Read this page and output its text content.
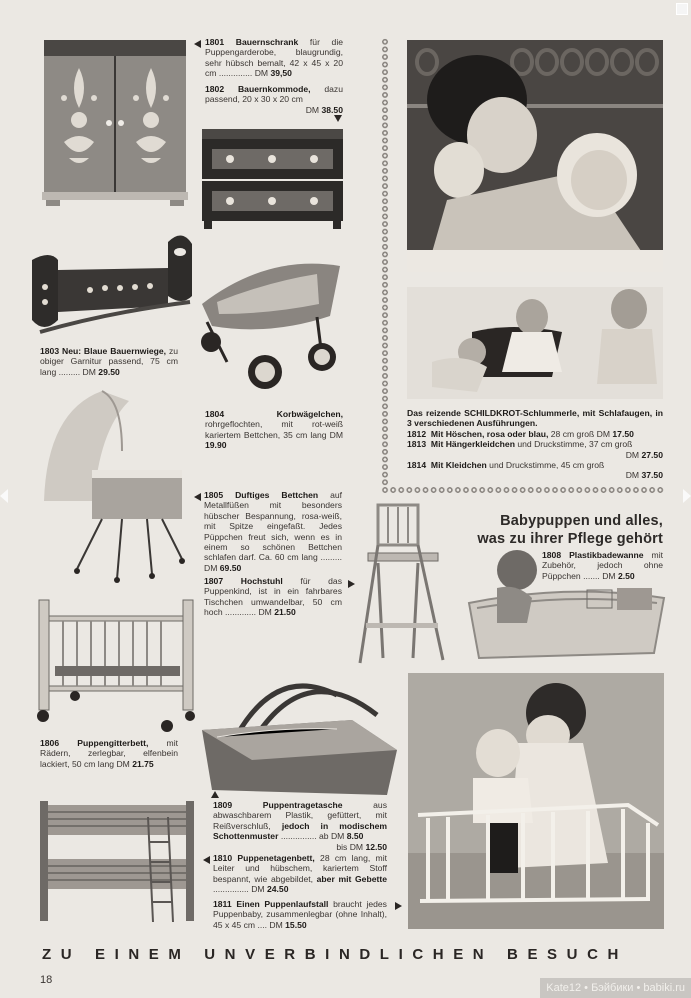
1801 Bauernschrank für die Puppengarderobe, blaugrundig, sehr hübsch bemalt, 42 x 45 x 20 cm .............. DM 39,50
1802 Bauernkommode, dazu passend, 20 x 30 x 20 cm
DM 38.50
1803 Neu: Blaue Bauernwiege, zu obiger Garnitur passend, 75 cm lang ......... DM 29.50
1804	Korbwägelchen, rohrgeflochten, mit rot-weiß kariertem Bettchen, 35 cm lang DM 19.90
1805 Duftiges Bettchen auf Metallfüßen mit besonders hübscher Bespannung, rosa-weiß, mit Spitze eingefaßt. Jedes Püppchen freut sich, wenn es in einem so schönen Bettchen schlafen darf. Ca. 60 cm lang ......... DM 69.50
1807 Hochstuhl für das Puppenkind, ist in ein fahrbares Tischchen umwandelbar, 50 cm hoch ............. DM 21.50
1806 Puppengitterbett, mit Rädern, zerlegbar, elfenbein lackiert, 50 cm lang DM 21.75
1809	Puppentragetasche	aus abwaschbarem Plastik, gefüttert, mit Reißverschluß, jedoch in modischem Schottenmuster ............... ab DM 8.50
bis DM 12.50
1810 Puppenetagenbett, 28 cm lang, mit Leiter und hübschem, kariertem Stoff bespannt, wie abgebildet, aber mit Gebette ............... DM 24.50
1811 Einen Puppenlaufstall braucht jedes Puppenbaby, zusammenlegbar (ohne Inhalt), 45 x 45 cm .... DM 15.50
Das reizende SCHILDKROT-Schlummerle, mit Schlafaugen, in 3 verschiedenen Ausführungen.
1812 Mit Höschen, rosa oder blau, 28 cm groß DM 17.50
1813 Mit Hängerkleidchen und Druckstimme, 37 cm groß
DM 27.50
1814 Mit Kleidchen und Druckstimme, 45 cm groß
DM 37.50
Babypuppen und alles,
was zu ihrer Pflege gehört
1808 Plastikbadewanne mit Zubehör, jedoch ohne Püppchen ....... DM 2.50
ZU EINEM UNVERBINDLICHEN BESUCH
18
Kate12 • Бэйбики • babiki.ru
